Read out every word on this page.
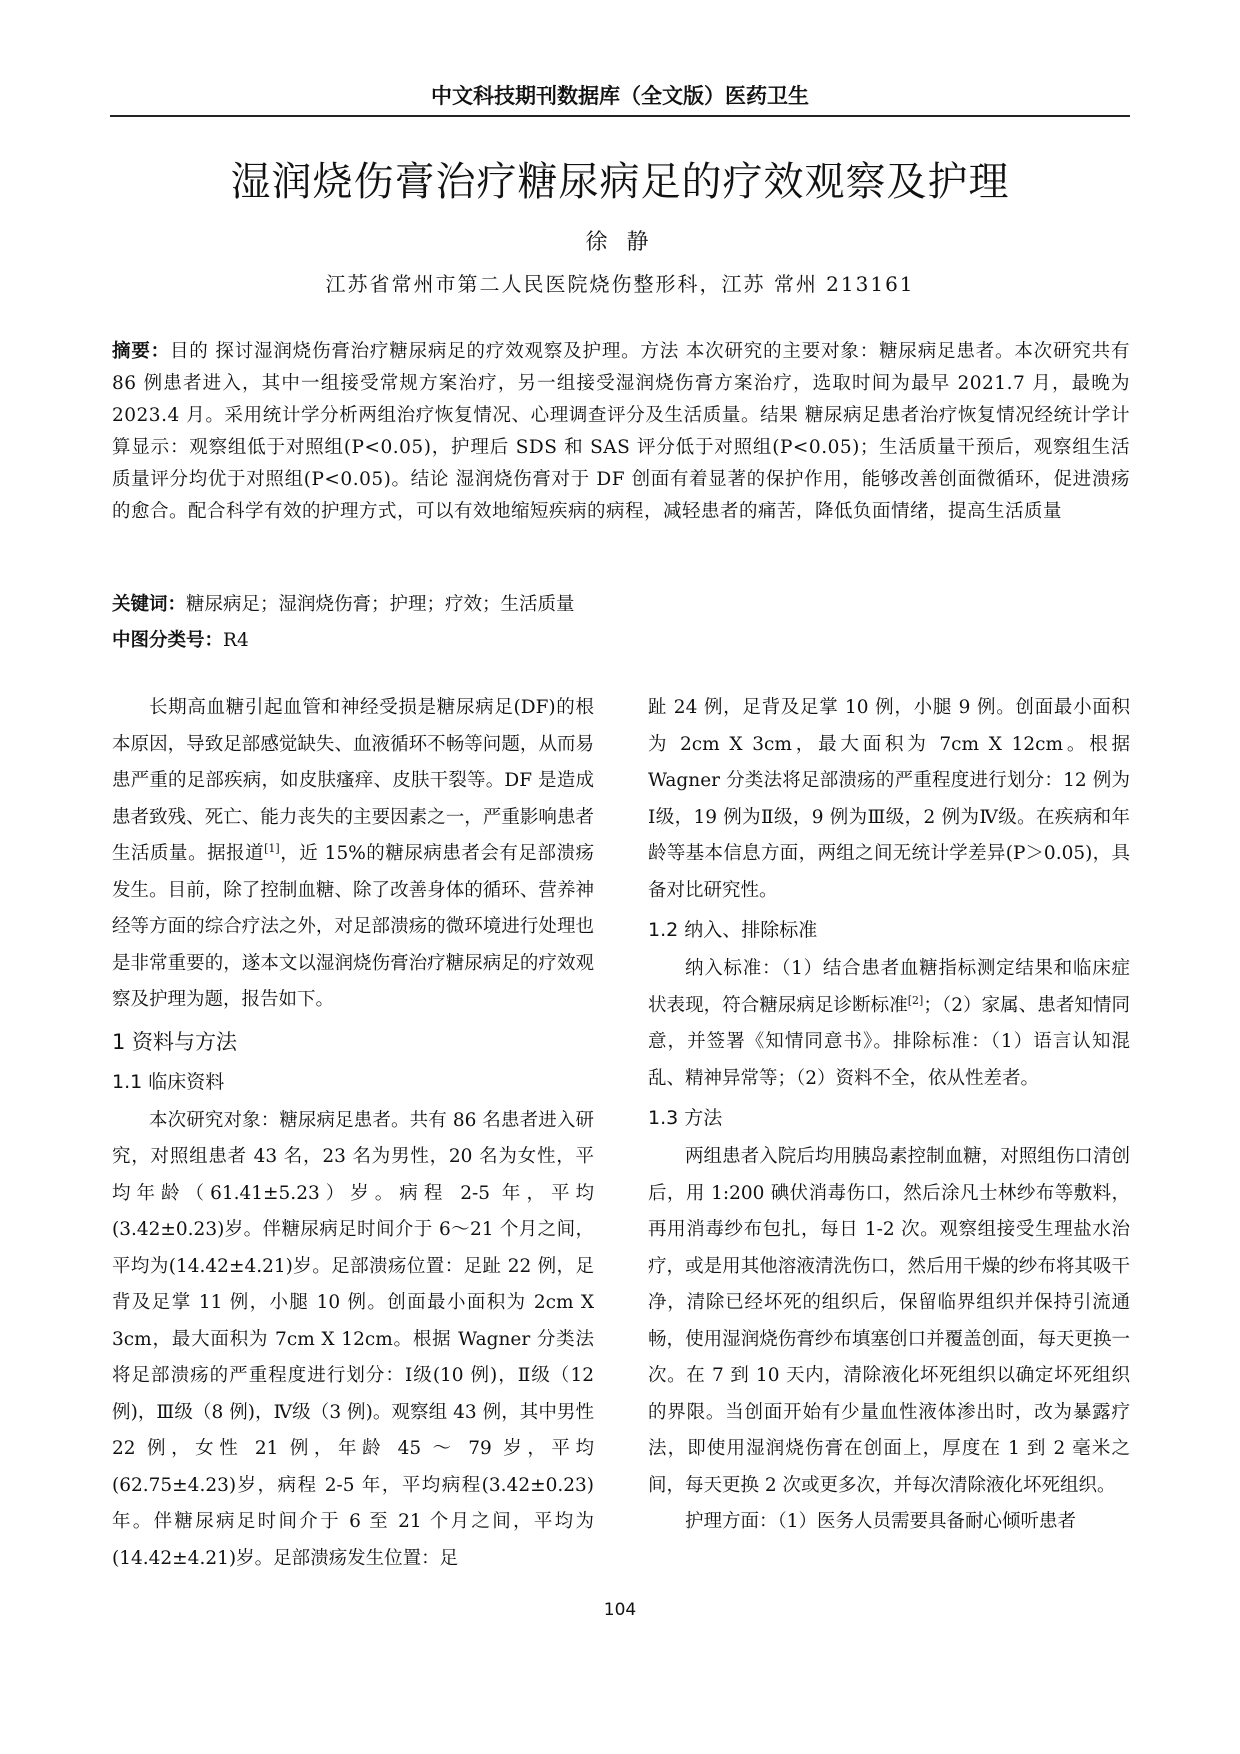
中文科技期刊数据库（全文版）医药卫生
湿润烧伤膏治疗糖尿病足的疗效观察及护理
徐 静
江苏省常州市第二人民医院烧伤整形科，江苏 常州 213161
摘要：目的 探讨湿润烧伤膏治疗糖尿病足的疗效观察及护理。方法 本次研究的主要对象：糖尿病足患者。本次研究共有 86 例患者进入，其中一组接受常规方案治疗，另一组接受湿润烧伤膏方案治疗，选取时间为最早 2021.7 月，最晚为 2023.4 月。采用统计学分析两组治疗恢复情况、心理调查评分及生活质量。结果 糖尿病足患者治疗恢复情况经统计学计算显示：观察组低于对照组(P<0.05)，护理后 SDS 和 SAS 评分低于对照组(P<0.05)；生活质量干预后，观察组生活质量评分均优于对照组(P<0.05)。结论 湿润烧伤膏对于 DF 创面有着显著的保护作用，能够改善创面微循环，促进溃疡的愈合。配合科学有效的护理方式，可以有效地缩短疾病的病程，减轻患者的痛苦，降低负面情绪，提高生活质量
关键词：糖尿病足；湿润烧伤膏；护理；疗效；生活质量
中图分类号：R4

长期高血糖引起血管和神经受损是糖尿病足(DF)的根本原因，导致足部感觉缺失、血液循环不畅等问题，从而易患严重的足部疾病，如皮肤瘙痒、皮肤干裂等。DF 是造成患者致残、死亡、能力丧失的主要因素之一，严重影响患者生活质量。据报道[1]，近 15%的糖尿病患者会有足部溃疡发生。目前，除了控制血糖、除了改善身体的循环、营养神经等方面的综合疗法之外，对足部溃疡的微环境进行处理也是非常重要的，遂本文以湿润烧伤膏治疗糖尿病足的疗效观察及护理为题，报告如下。

1 资料与方法
1.1 临床资料

本次研究对象：糖尿病足患者。共有 86 名患者进入研究，对照组患者 43 名，23 名为男性，20 名为女性，平均年龄（61.41±5.23）岁。病程 2-5 年，平均(3.42±0.23)岁。伴糖尿病足时间介于 6～21 个月之间，平均为(14.42±4.21)岁。足部溃疡位置：足趾 22 例，足背及足掌 11 例，小腿 10 例。创面最小面积为 2cm X 3cm，最大面积为 7cm X 12cm。根据 Wagner 分类法将足部溃疡的严重程度进行划分：Ⅰ级(10 例)，Ⅱ级（12 例)，Ⅲ级（8 例)，Ⅳ级（3 例)。观察组 43 例，其中男性 22 例，女性 21 例，年龄 45 ～ 79 岁，平均(62.75±4.23)岁，病程 2-5 年，平均病程(3.42±0.23)年。伴糖尿病足时间介于 6 至 21 个月之间，平均为(14.42±4.21)岁。足部溃疡发生位置：足

趾 24 例，足背及足掌 10 例，小腿 9 例。创面最小面积为 2cm X 3cm，最大面积为 7cm X 12cm。根据 Wagner 分类法将足部溃疡的严重程度进行划分：12 例为Ⅰ级，19 例为Ⅱ级，9 例为Ⅲ级，2 例为Ⅳ级。在疾病和年龄等基本信息方面，两组之间无统计学差异(P＞0.05)，具备对比研究性。

1.2 纳入、排除标准

纳入标准：（1）结合患者血糖指标测定结果和临床症状表现，符合糖尿病足诊断标准[2]；（2）家属、患者知情同意，并签署《知情同意书》。排除标准：（1）语言认知混乱、精神异常等；（2）资料不全，依从性差者。

1.3 方法

两组患者入院后均用胰岛素控制血糖，对照组伤口清创后，用 1:200 碘伏消毒伤口，然后涂凡士林纱布等敷料，再用消毒纱布包扎，每日 1-2 次。观察组接受生理盐水治疗，或是用其他溶液清洗伤口，然后用干燥的纱布将其吸干净，清除已经坏死的组织后，保留临界组织并保持引流通畅，使用湿润烧伤膏纱布填塞创口并覆盖创面，每天更换一次。在 7 到 10 天内，清除液化坏死组织以确定坏死组织的界限。当创面开始有少量血性液体渗出时，改为暴露疗法，即使用湿润烧伤膏在创面上，厚度在 1 到 2 毫米之间，每天更换 2 次或更多次，并每次清除液化坏死组织。

护理方面：（1）医务人员需要具备耐心倾听患者

104
